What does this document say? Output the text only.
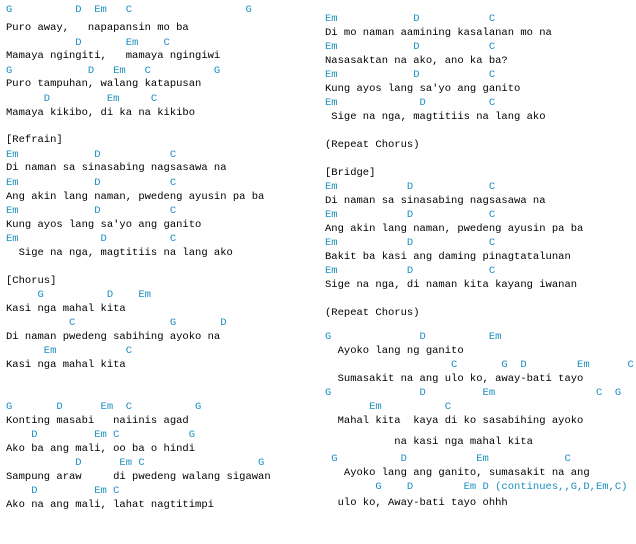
G          D  Em   C                  G
Puro away,   napapansin mo ba
D       Em    C
Mamaya ngingiti,   mamaya ngingiwi
G            D   Em   C          G
Puro tampuhan, walang katapusan
D         Em     C
Mamaya kikibo, di ka na kikibo
[Refrain]
Em            D           C
Di naman sa sinasabing nagsasawa na
Em            D           C
Ang akin lang naman, pwedeng ayusin pa ba
Em            D           C
Kung ayos lang sa'yo ang ganito
Em             D          C
Sige na nga, magtitiis na lang ako
[Chorus]
G          D    Em
Kasi nga mahal kita
C               G       D
Di naman pwedeng sabihing ayoko na
Em           C
Kasi nga mahal kita
G       D      Em  C          G
Konting masabi   naiinis agad
D         Em C           G
Ako ba ang mali, oo ba o hindi
D      Em C                  G
Sampung araw     di pwedeng walang sigawan
D         Em C
Ako na ang mali, lahat nagtitimpi
Em            D           C
Di mo naman aamining kasalanan mo na
Em            D           C
Nasasaktan na ako, ano ka ba?
Em            D           C
Kung ayos lang sa'yo ang ganito
Em             D          C
Sige na nga, magtitiis na lang ako
(Repeat Chorus)
[Bridge]
Em           D            C
Di naman sa sinasabing nagsasawa na
Em           D            C
Ang akin lang naman, pwedeng ayusin pa ba
Em           D            C
Bakit ba kasi ang daming pinagtatalunan
Em           D            C
Sige na nga, di naman kita kayang iwanan
(Repeat Chorus)
G              D          Em
Ayoko lang ng ganito
C       G  D        Em      C
Sumasakit na ang ulo ko, away-bati tayo
G              D         Em                C  G
Em          C
Mahal kita  kaya di ko sasabihing ayoko
na kasi nga mahal kita
G          D           Em            C
Ayoko lang ang ganito, sumasakit na ang
G    D        Em D (continues,,G,D,Em,C)
ulo ko, Away-bati tayo ohhh
